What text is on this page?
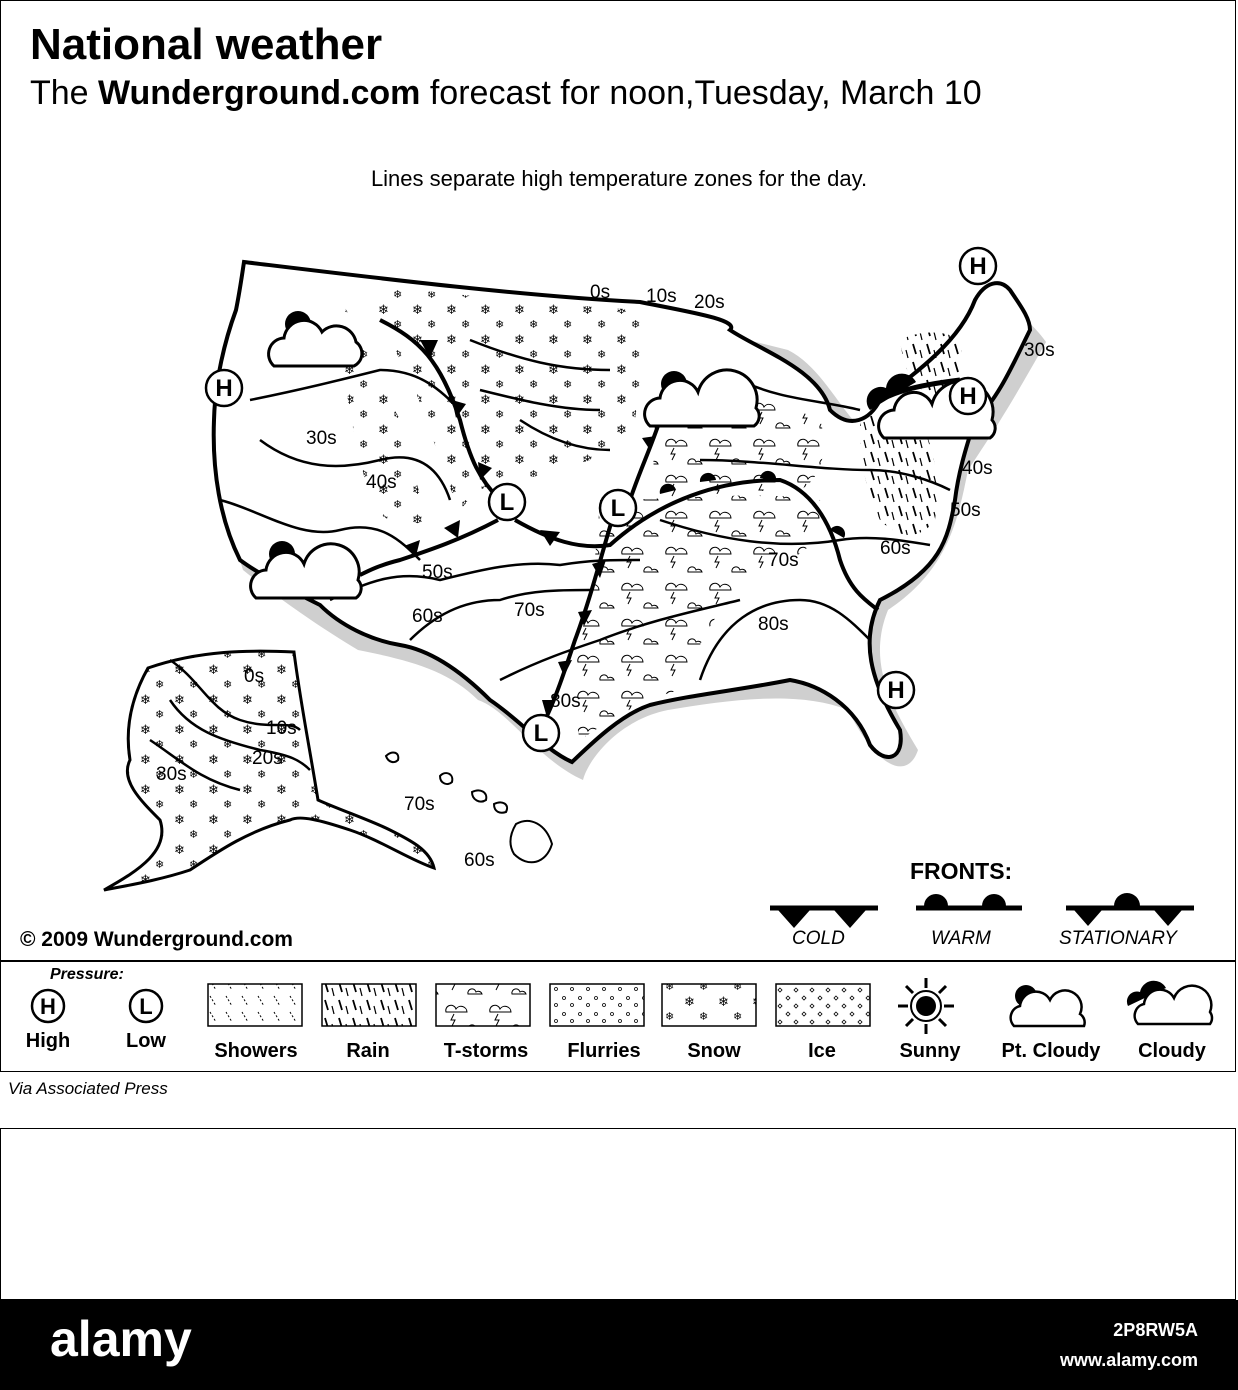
National weather
The Wunderground.com forecast for noon,Tuesday, March 10
Lines separate high temperature zones for the day.
0s 10s 20s
30s
30s
40s
40s
50s
50s
60s
60s
70s
70s
80s
80s
0s
10s
20s
30s
70s
60s
H
H	H
H
L	L
L
© 2009 Wunderground.com
FRONTS:
COLD	WARM	STATIONARY
Pressure:
H	L
High	Low	Showers	Rain	T-storms	Flurries	Snow	Ice	Sunny	Pt. Cloudy	Cloudy
Via Associated Press
alamy	2P8RW5A
www.alamy.com
